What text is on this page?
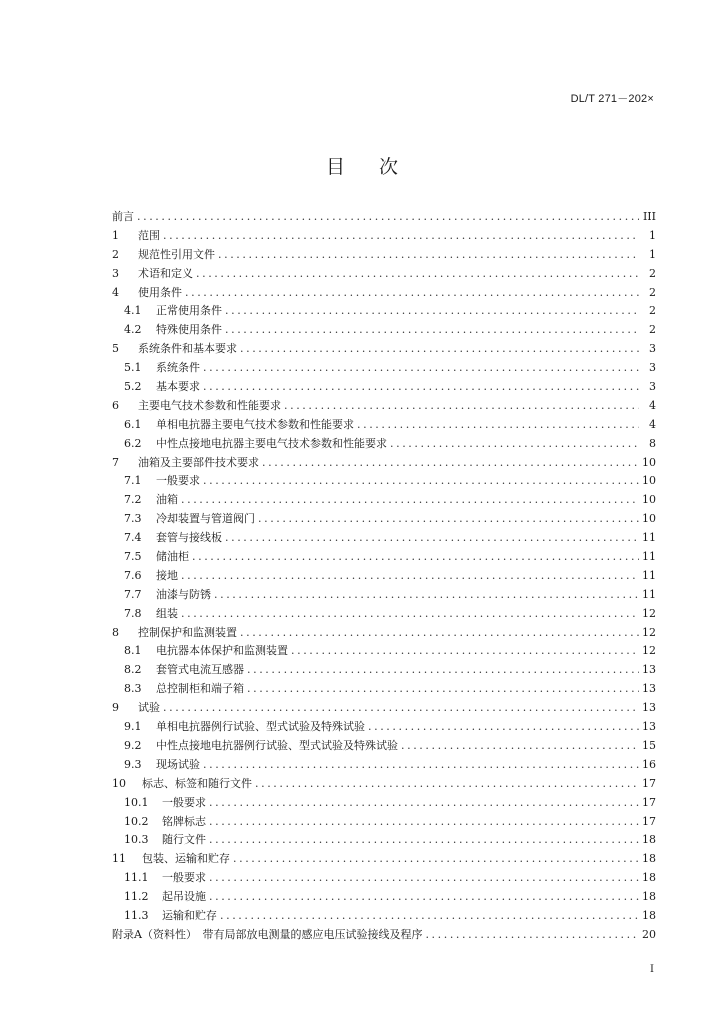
DL/T 271－202×
目次
前言 .....	III
1	范围 .....	1
2	规范性引用文件 .....	1
3	术语和定义 .....	2
4	使用条件 .....	2
4.1	正常使用条件 .....	2
4.2	特殊使用条件 .....	2
5	系统条件和基本要求 .....	3
5.1	系统条件 .....	3
5.2	基本要求 .....	3
6	主要电气技术参数和性能要求 .....	4
6.1	单相电抗器主要电气技术参数和性能要求 .....	4
6.2	中性点接地电抗器主要电气技术参数和性能要求 .....	8
7	油箱及主要部件技术要求 .....	10
7.1	一般要求 .....	10
7.2	油箱 .....	10
7.3	冷却装置与管道阀门 .....	10
7.4	套管与接线板 .....	11
7.5	储油柜 .....	11
7.6	接地 .....	11
7.7	油漆与防锈 .....	11
7.8	组装 .....	12
8	控制保护和监测装置 .....	12
8.1	电抗器本体保护和监测装置 .....	12
8.2	套管式电流互感器 .....	13
8.3	总控制柜和端子箱 .....	13
9	试验 .....	13
9.1	单相电抗器例行试验、型式试验及特殊试验 .....	13
9.2	中性点接地电抗器例行试验、型式试验及特殊试验 .....	15
9.3	现场试验 .....	16
10	标志、标签和随行文件 .....	17
10.1	一般要求 .....	17
10.2	铭牌标志 .....	17
10.3	随行文件 .....	18
11	包装、运输和贮存 .....	18
11.1	一般要求 .....	18
11.2	起吊设施 .....	18
11.3	运输和贮存 .....	18
附录A（资料性）　带有局部放电测量的感应电压试验接线及程序 .....	20
I
